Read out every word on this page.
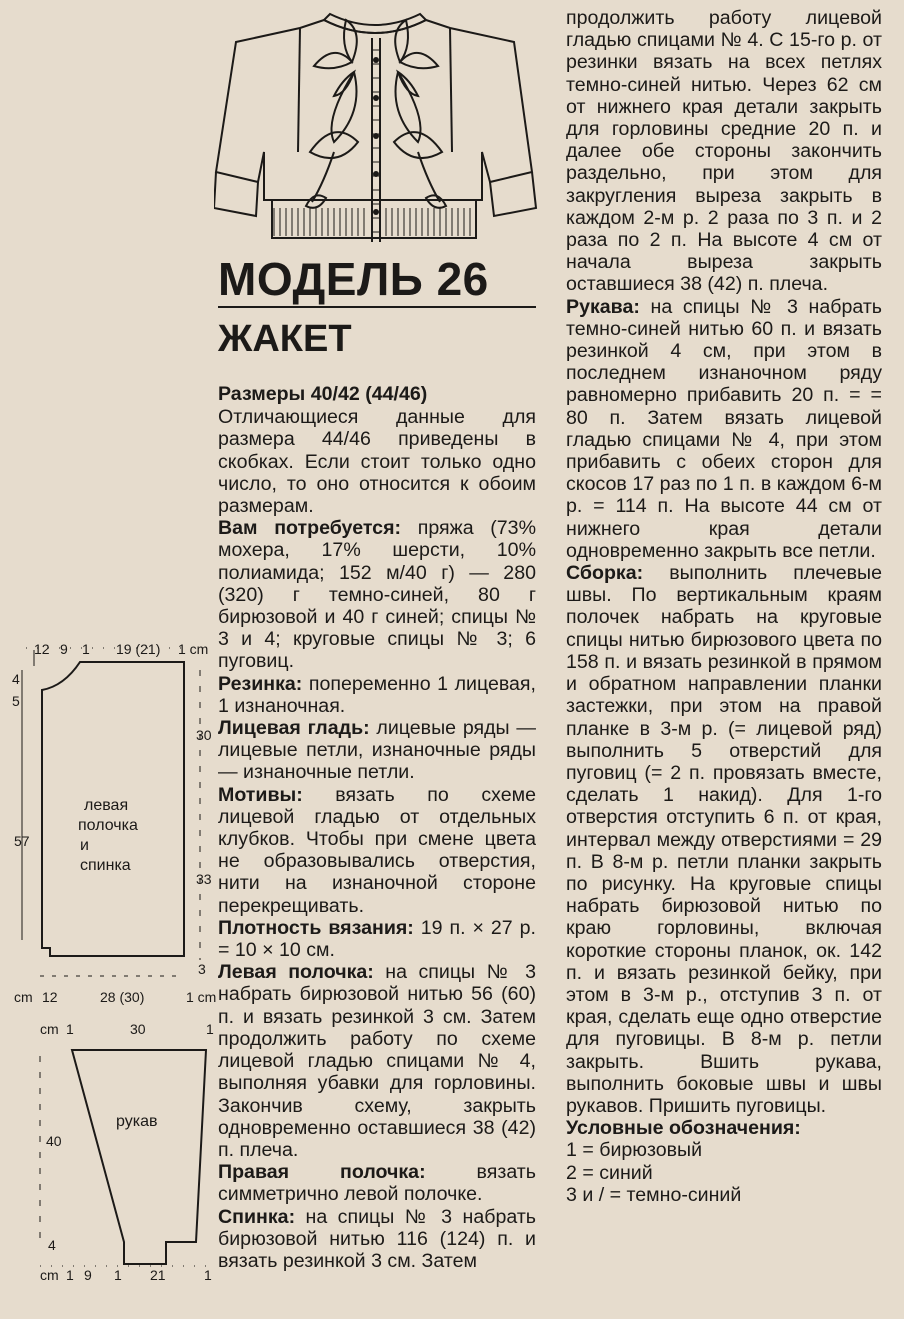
МОДЕЛЬ 26
ЖАКЕТ

Размеры 40/42 (44/46)

Отличающиеся данные для размера 44/46 приведены в скобках. Если стоит только одно число, то оно относится к обоим размерам.

Вам потребуется: пряжа (73% мохера, 17% шерсти, 10% полиамида; 152 м/40 г) — 280 (320) г темно-синей, 80 г бирюзовой и 40 г синей; спицы № 3 и 4; круговые спицы № 3; 6 пуговиц.

Резинка: попеременно 1 лицевая, 1 изнаночная.

Лицевая гладь: лицевые ряды — лицевые петли, изнаночные ряды — изнаночные петли.

Мотивы: вязать по схеме лицевой гладью от отдельных клубков. Чтобы при смене цвета не образовывались отверстия, нити на изнаночной стороне перекрещивать.

Плотность вязания: 19 п. × 27 р. = 10 × 10 см.

Левая полочка: на спицы № 3 набрать бирюзовой нитью 56 (60) п. и вязать резинкой 3 см. Затем продолжить работу по схеме лицевой гладью спицами № 4, выполняя убавки для горловины. Закончив схему, закрыть одновременно оставшиеся 38 (42) п. плеча.

Правая полочка: вязать симметрично левой полочке.

Спинка: на спицы № 3 набрать бирюзовой нитью 116 (124) п. и вязать резинкой 3 см. Затем

продолжить работу лицевой гладью спицами № 4. С 15-го р. от резинки вязать на всех петлях темно-синей нитью. Через 62 см от нижнего края детали закрыть для горловины средние 20 п. и далее обе стороны закончить раздельно, при этом для закругления выреза закрыть в каждом 2-м р. 2 раза по 3 п. и 2 раза по 2 п. На высоте 4 см от начала выреза закрыть оставшиеся 38 (42) п. плеча.

Рукава: на спицы № 3 набрать темно-синей нитью 60 п. и вязать резинкой 4 см, при этом в последнем изнаночном ряду равномерно прибавить 20 п. = = 80 п. Затем вязать лицевой гладью спицами № 4, при этом прибавить с обеих сторон для скосов 17 раз по 1 п. в каждом 6-м р. = 114 п. На высоте 44 см от нижнего края детали одновременно закрыть все петли.

Сборка: выполнить плечевые швы. По вертикальным краям полочек набрать на круговые спицы нитью бирюзового цвета по 158 п. и вязать резинкой в прямом и обратном направлении планки застежки, при этом на правой планке в 3-м р. (= лицевой ряд) выполнить 5 отверстий для пуговиц (= 2 п. провязать вместе, сделать 1 накид). Для 1-го отверстия отступить 6 п. от края, интервал между отверстиями = 29 п. В 8-м р. петли планки закрыть по рисунку. На круговые спицы набрать бирюзовой нитью по краю горловины, включая короткие стороны планок, ок. 142 п. и вязать резинкой бейку, при этом в 3-м р., отступив 3 п. от края, сделать еще одно отверстие для пуговицы. В 8-м р. петли закрыть. Вшить рукава, выполнить боковые швы и швы рукавов. Пришить пуговицы.

Условные обозначения:

1 = бирюзовый

2 = синий

3 и / = темно-синий

12 9 1 19 (21) 1 cm
4
5
57
30
33
3
cm 12	28 (30)	1 cm
левая
полочка
и
спинка
cm 1	30	1
40
4
cm 1 9 1 21	1
рукав
